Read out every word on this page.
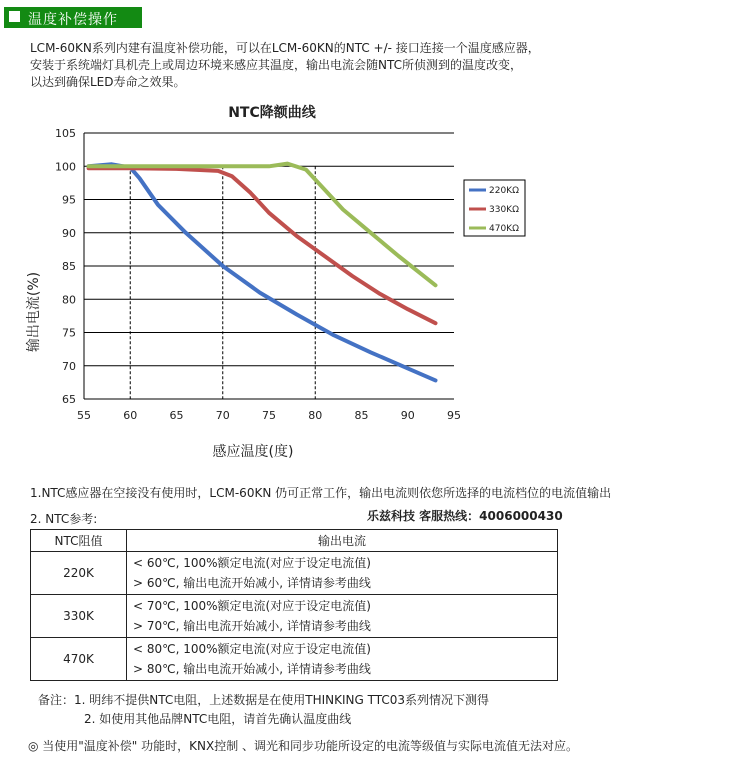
温度补偿操作
LCM-60KN系列内建有温度补偿功能，可以在LCM-60KN的NTC +/- 接口连接一个温度感应器，
安装于系统端灯具机壳上或周边环境来感应其温度，输出电流会随NTC所侦测到的温度改变，
以达到确保LED寿命之效果。
NTC降额曲线
105
100
95
90
85
80
75
70
65
55	60	65	70	75	80	85	90	95
感应温度(度)
输出电流(%)
220KΩ
330KΩ
470KΩ
1.NTC感应器在空接没有使用时，LCM-60KN 仍可正常工作，输出电流则依您所选择的电流档位的电流值输出
2. NTC参考:	乐兹科技 客服热线：4006000430
NTC阻值	输出电流
220K	< 60℃, 100%额定电流(对应于设定电流值)
> 60℃, 输出电流开始减小, 详情请参考曲线

330K	< 70℃, 100%额定电流(对应于设定电流值)
> 70℃, 输出电流开始减小, 详情请参考曲线

470K	< 80℃, 100%额定电流(对应于设定电流值)
> 80℃, 输出电流开始减小, 详情请参考曲线
备注：1. 明纬不提供NTC电阻，上述数据是在使用THINKING TTC03系列情况下测得
2. 如使用其他品牌NTC电阻，请首先确认温度曲线
◎ 当使用"温度补偿" 功能时，KNX控制 、调光和同步功能所设定的电流等级值与实际电流值无法对应。
